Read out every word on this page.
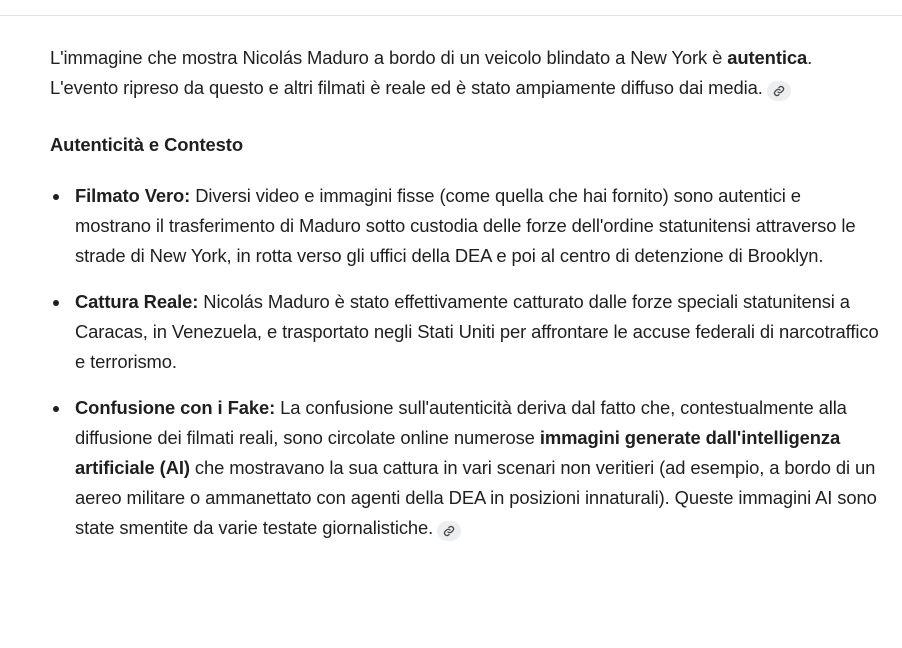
L'immagine che mostra Nicolás Maduro a bordo di un veicolo blindato a New York è autentica. L'evento ripreso da questo e altri filmati è reale ed è stato ampiamente diffuso dai media.

Autenticità e Contesto

Filmato Vero: Diversi video e immagini fisse (come quella che hai fornito) sono autentici e mostrano il trasferimento di Maduro sotto custodia delle forze dell'ordine statunitensi attraverso le strade di New York, in rotta verso gli uffici della DEA e poi al centro di detenzione di Brooklyn.
Cattura Reale: Nicolás Maduro è stato effettivamente catturato dalle forze speciali statunitensi a Caracas, in Venezuela, e trasportato negli Stati Uniti per affrontare le accuse federali di narcotraffico e terrorismo.
Confusione con i Fake: La confusione sull'autenticità deriva dal fatto che, contestualmente alla diffusione dei filmati reali, sono circolate online numerose immagini generate dall'intelligenza artificiale (AI) che mostravano la sua cattura in vari scenari non veritieri (ad esempio, a bordo di un aereo militare o ammanettato con agenti della DEA in posizioni innaturali). Queste immagini AI sono state smentite da varie testate giornalistiche.
